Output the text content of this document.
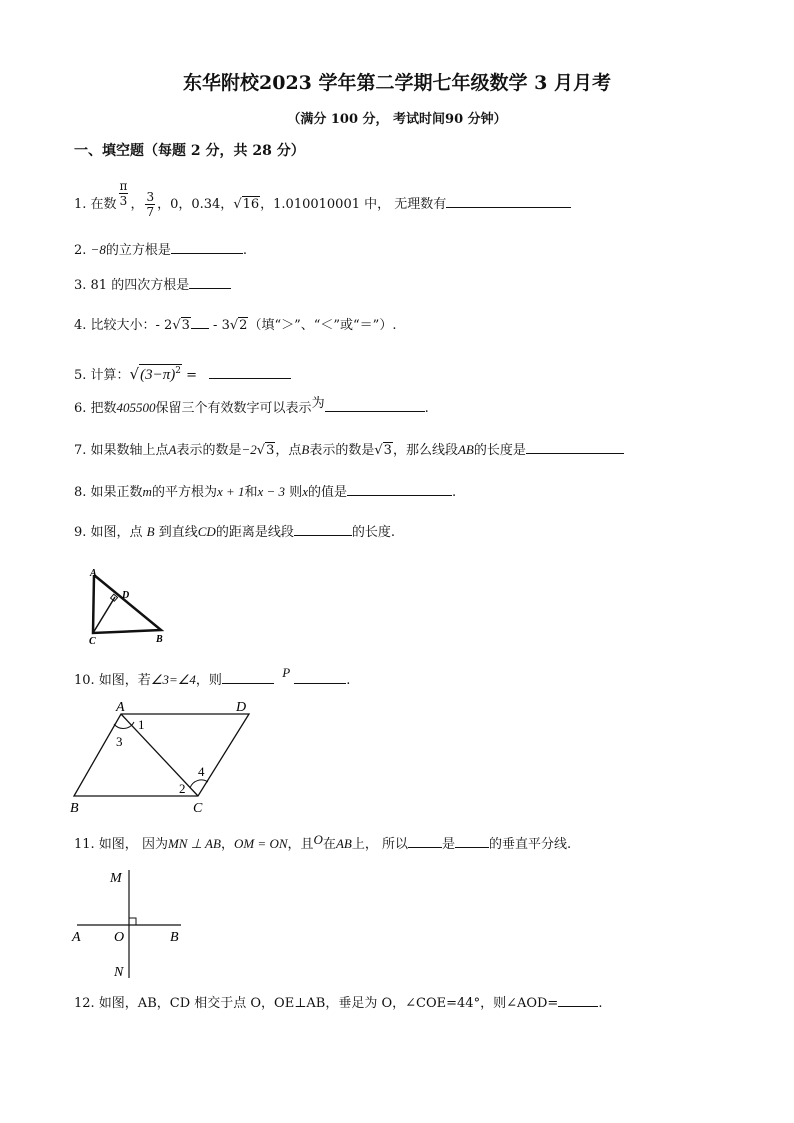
东华附校2023 学年第二学期七年级数学 3 月月考
（满分 100 分， 考试时间90 分钟）
一、填空题（每题 2 分，共 28 分）
1. 在数 $\frac{\pi}{3}$ ， $\frac{3}{7}$ ，0，0.34，√16，1.010010001 中， 无理数有
2. −8的立方根是	.
3. 81 的四次方根是
4. 比较大小：- 2√3 - 3√2（填“＞”、“＜”或“＝”）.
5. 计算：$√(3-\pi)^2$ =
6. 把数405500保留三个有效数字可以表示为	.
7. 如果数轴上点A表示的数是−2√3，点B表示的数是√3，那么线段AB的长度是
8. 如果正数m的平方根为x + 1和x − 3 则x的值是	.
9. 如图，点 B 到直线CD的距离是线段	的长度.
A
D
C	B
10. 如图，若∠3=∠4，则  P .
A	D
B	C
1
3
2
4
11. 如图， 因为MN ⊥ AB，OM = ON，且O在AB上， 所以	是	的垂直平分线.
M
A O	B
N
12. 如图，AB，CD 相交于点 O，OE⊥AB，垂足为 O，∠COE=44°，则∠AOD=	.
